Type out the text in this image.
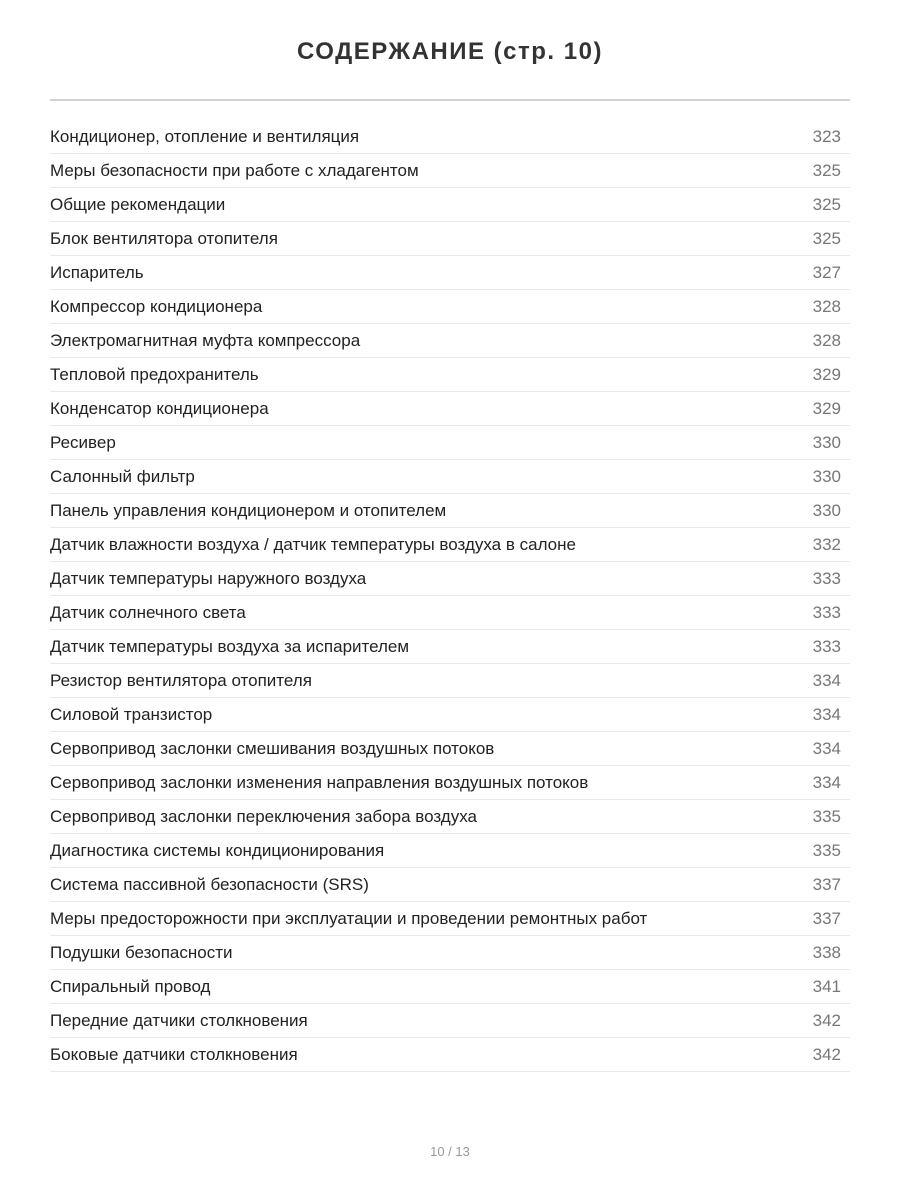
СОДЕРЖАНИЕ (стр. 10)
Кондиционер, отопление и вентиляция	323
Меры безопасности при работе с хладагентом	325
Общие рекомендации	325
Блок вентилятора отопителя	325
Испаритель	327
Компрессор кондиционера	328
Электромагнитная муфта компрессора	328
Тепловой предохранитель	329
Конденсатор кондиционера	329
Ресивер	330
Салонный фильтр	330
Панель управления кондиционером и отопителем	330
Датчик влажности воздуха / датчик температуры воздуха в салоне	332
Датчик температуры наружного воздуха	333
Датчик солнечного света	333
Датчик температуры воздуха за испарителем	333
Резистор вентилятора отопителя	334
Силовой транзистор	334
Сервопривод заслонки смешивания воздушных потоков	334
Сервопривод заслонки изменения направления воздушных потоков	334
Сервопривод заслонки переключения забора воздуха	335
Диагностика системы кондиционирования	335
Система пассивной безопасности (SRS)	337
Меры предосторожности при эксплуатации и проведении ремонтных работ	337
Подушки безопасности	338
Спиральный провод	341
Передние датчики столкновения	342
Боковые датчики столкновения	342
10 / 13
